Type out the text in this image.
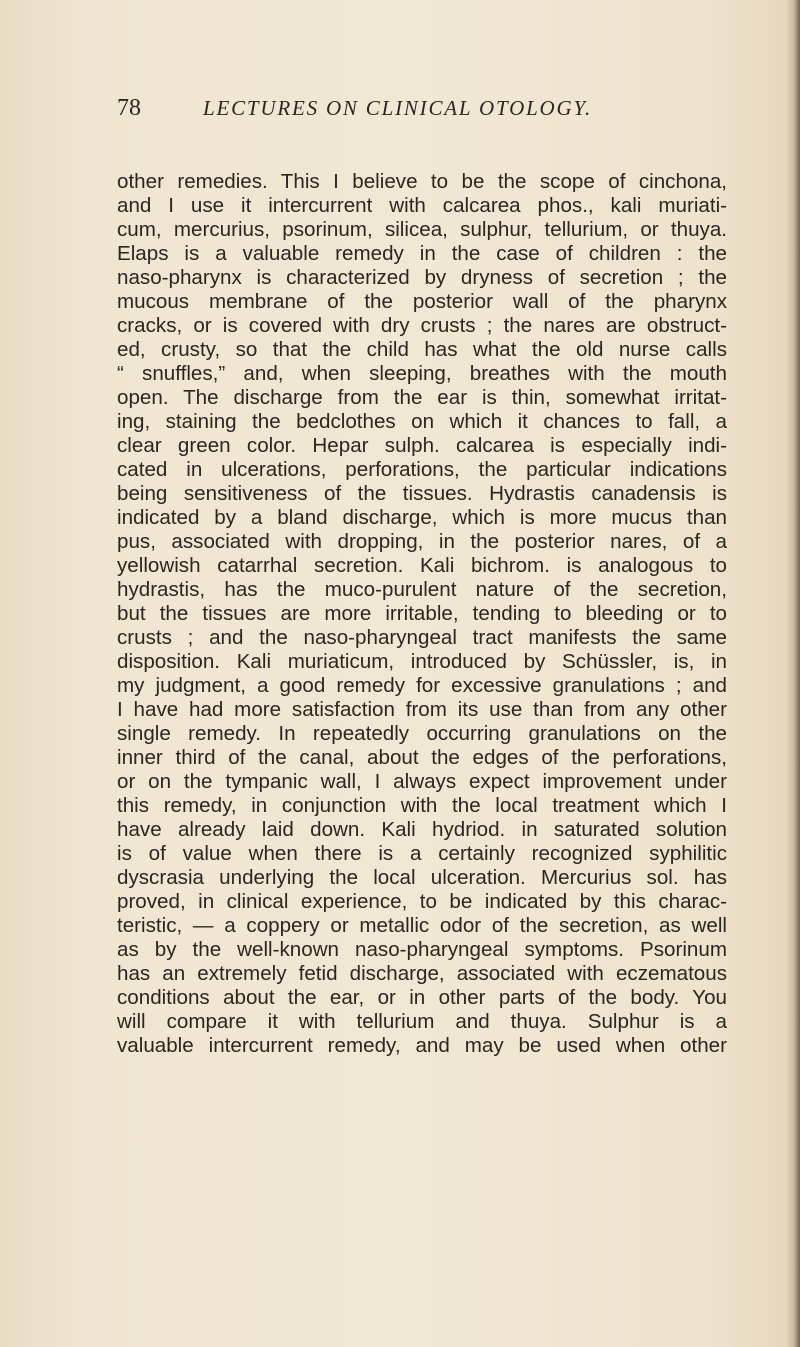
78	LECTURES ON CLINICAL OTOLOGY.
other remedies. This I believe to be the scope of cinchona,
and I use it intercurrent with calcarea phos., kali muriati-
cum, mercurius, psorinum, silicea, sulphur, tellurium, or thuya.
Elaps is a valuable remedy in the case of children : the
naso-pharynx is characterized by dryness of secretion ; the
mucous membrane of the posterior wall of the pharynx
cracks, or is covered with dry crusts ; the nares are obstruct-
ed, crusty, so that the child has what the old nurse calls
“ snuffles,” and, when sleeping, breathes with the mouth
open. The discharge from the ear is thin, somewhat irritat-
ing, staining the bedclothes on which it chances to fall, a
clear green color. Hepar sulph. calcarea is especially indi-
cated in ulcerations, perforations, the particular indications
being sensitiveness of the tissues. Hydrastis canadensis is
indicated by a bland discharge, which is more mucus than
pus, associated with dropping, in the posterior nares, of a
yellowish catarrhal secretion. Kali bichrom. is analogous to
hydrastis, has the muco-purulent nature of the secretion,
but the tissues are more irritable, tending to bleeding or to
crusts ; and the naso-pharyngeal tract manifests the same
disposition. Kali muriaticum, introduced by Schüssler, is, in
my judgment, a good remedy for excessive granulations ; and
I have had more satisfaction from its use than from any other
single remedy. In repeatedly occurring granulations on the
inner third of the canal, about the edges of the perforations,
or on the tympanic wall, I always expect improvement under
this remedy, in conjunction with the local treatment which I
have already laid down. Kali hydriod. in saturated solution
is of value when there is a certainly recognized syphilitic
dyscrasia underlying the local ulceration. Mercurius sol. has
proved, in clinical experience, to be indicated by this charac-
teristic, — a coppery or metallic odor of the secretion, as well
as by the well-known naso-pharyngeal symptoms. Psorinum
has an extremely fetid discharge, associated with eczematous
conditions about the ear, or in other parts of the body. You
will compare it with tellurium and thuya. Sulphur is a
valuable intercurrent remedy, and may be used when other
